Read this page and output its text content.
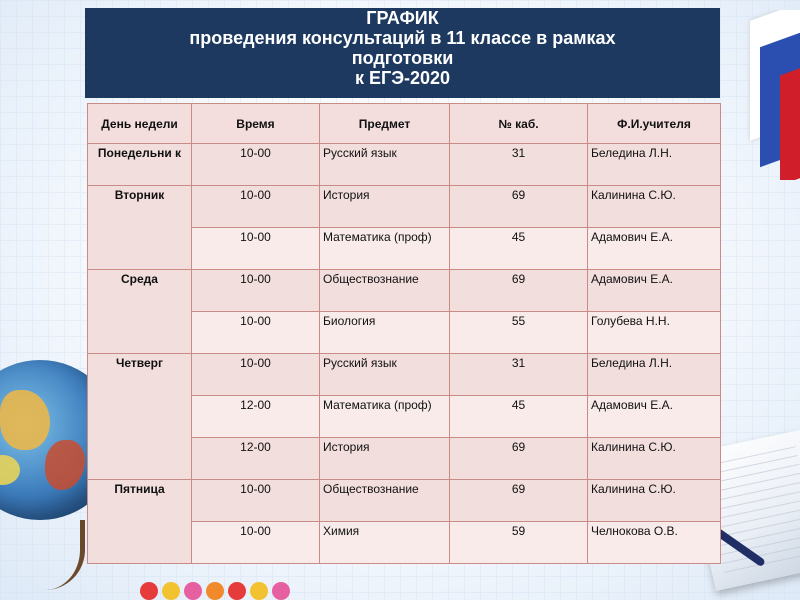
ГРАФИК
проведения консультаций в 11 классе в рамках
подготовки
к ЕГЭ-2020
День недели	Время	Предмет	№ каб.	Ф.И.учителя
Понедельни к	10-00	Русский язык	31	Беледина Л.Н.
Вторник	10-00	История	69	Калинина С.Ю.
	10-00	Математика (проф)	45	Адамович Е.А.
Среда	10-00	Обществознание	69	Адамович Е.А.
	10-00	Биология	55	Голубева Н.Н.
Четверг	10-00	Русский язык	31	Беледина Л.Н.
	12-00	Математика (проф)	45	Адамович Е.А.
	12-00	История	69	Калинина С.Ю.
Пятница	10-00	Обществознание	69	Калинина С.Ю.
	10-00	Химия	59	Челнокова О.В.
